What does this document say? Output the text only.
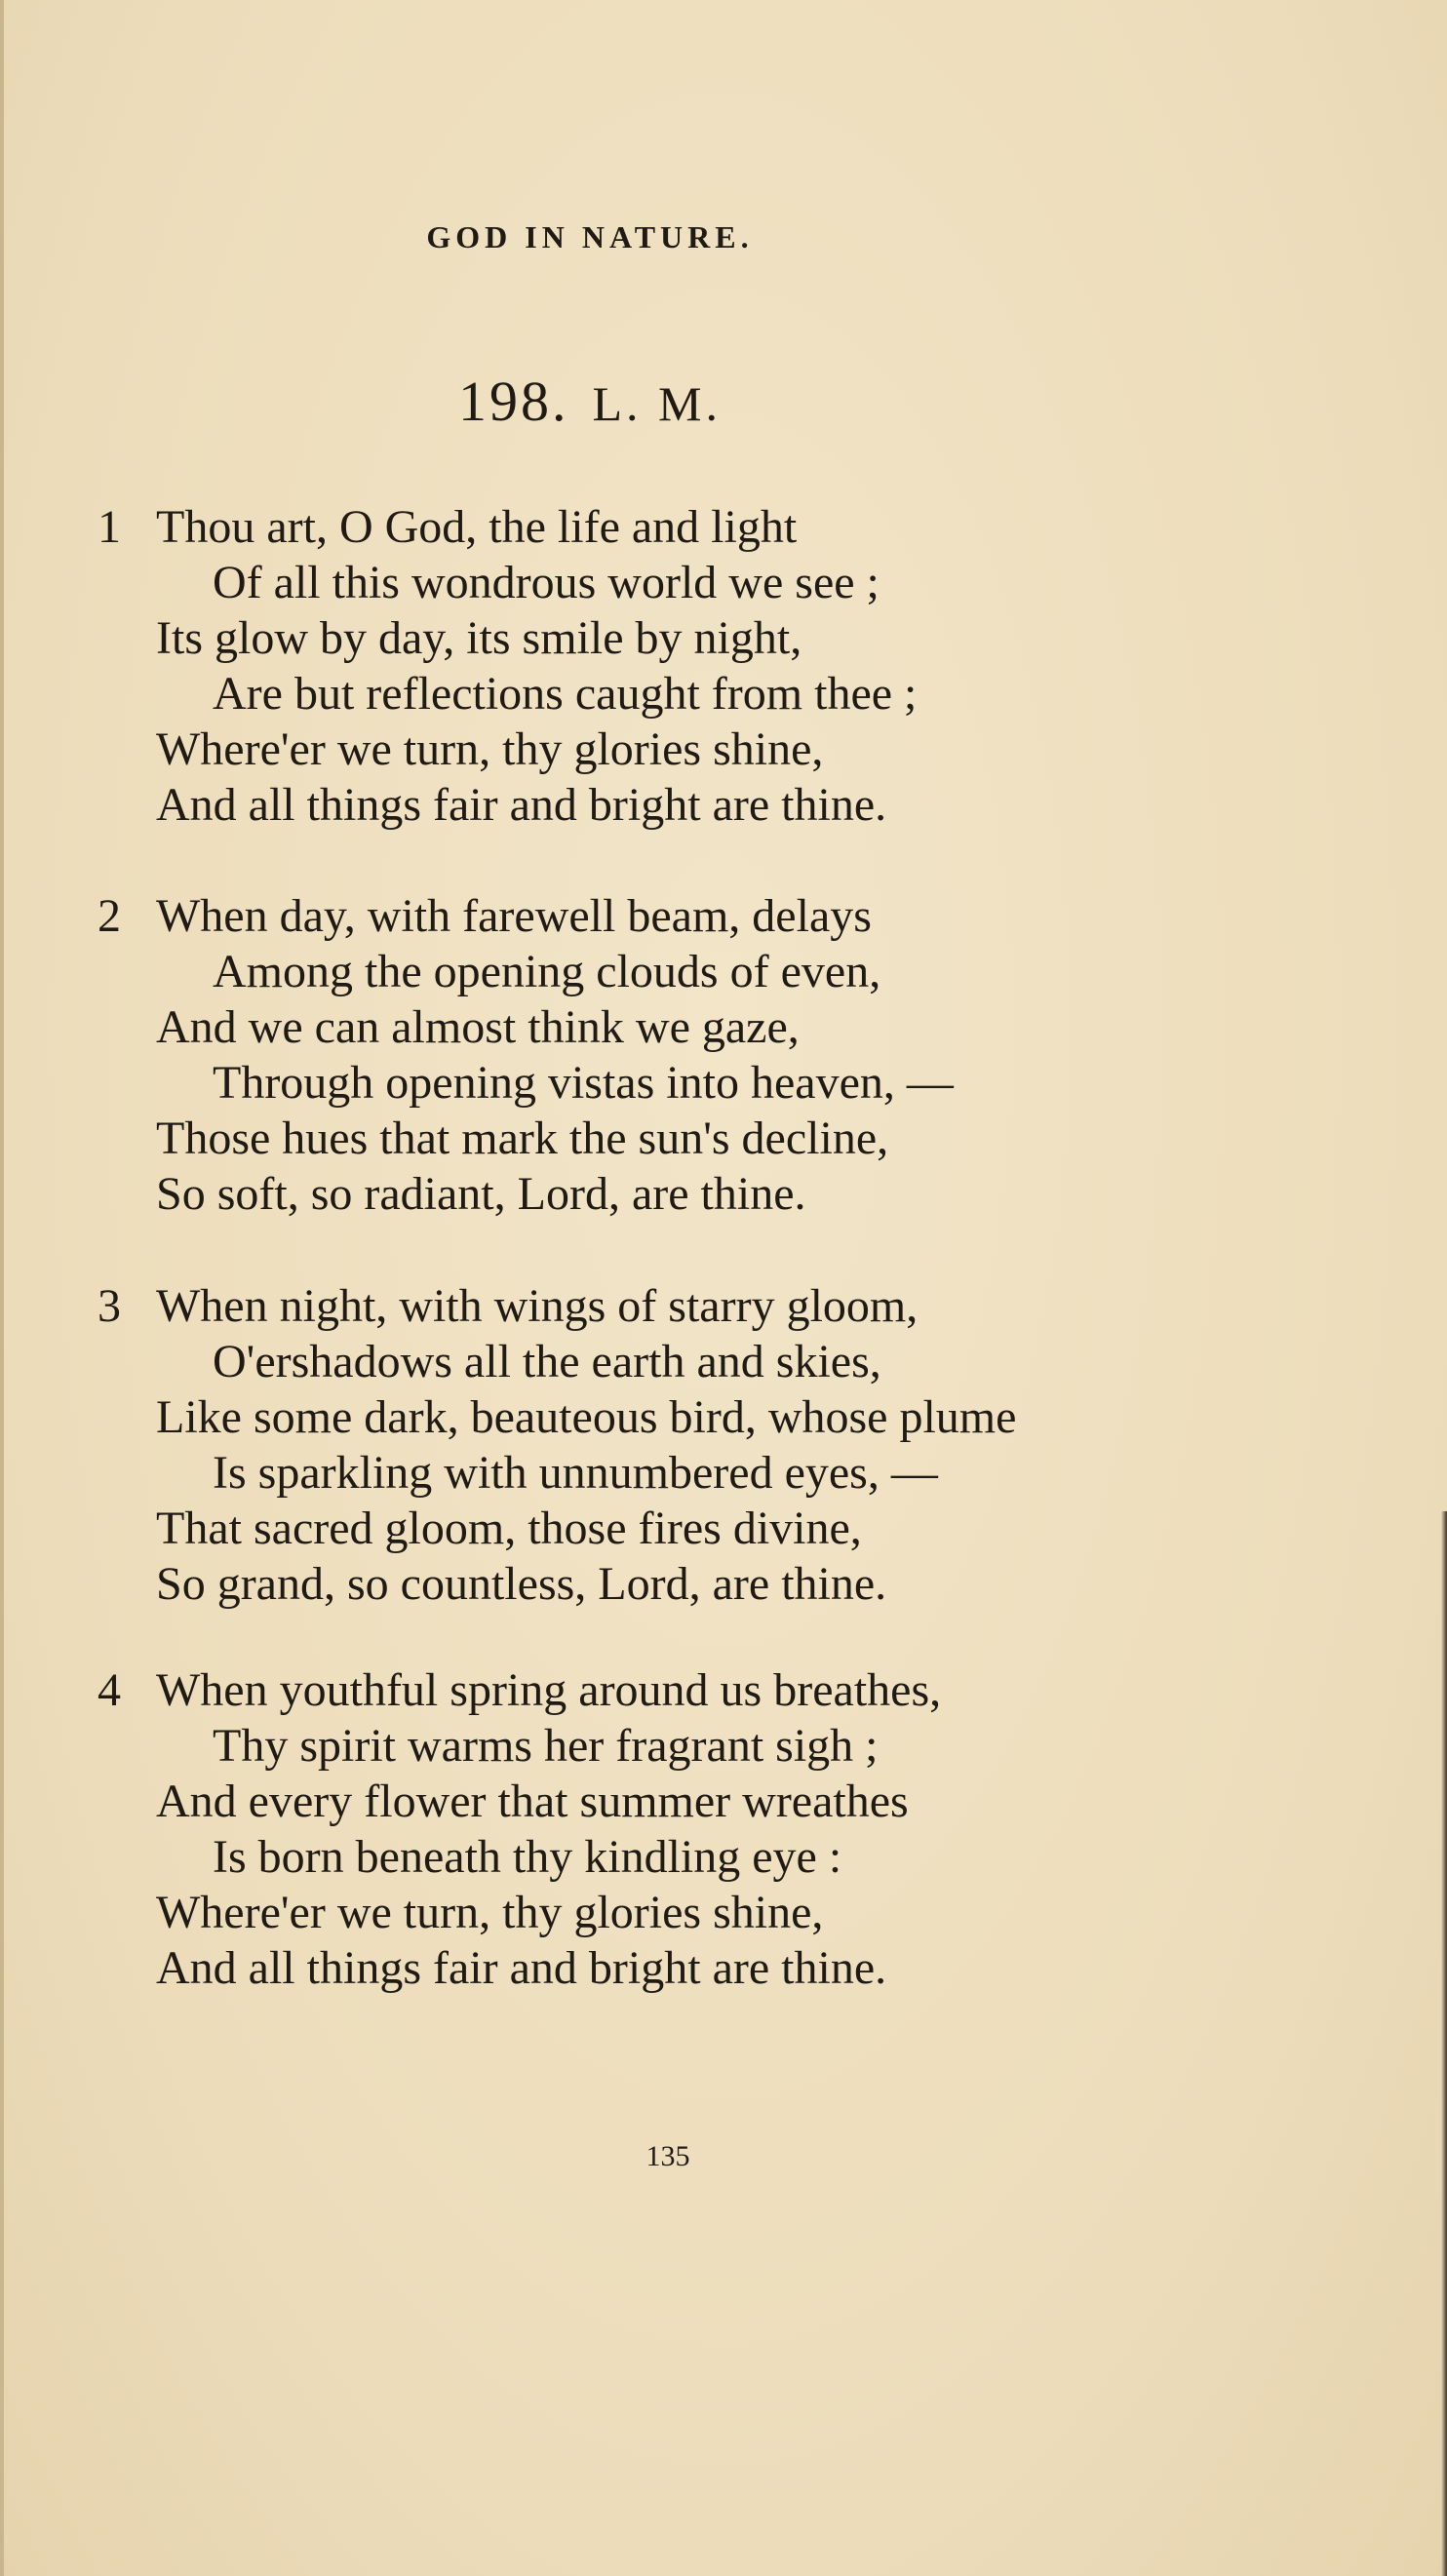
GOD IN NATURE.
198. L. M.
1 Thou art, O God, the life and light
Of all this wondrous world we see ;
Its glow by day, its smile by night,
Are but reflections caught from thee ;
Where'er we turn, thy glories shine,
And all things fair and bright are thine.
2 When day, with farewell beam, delays
Among the opening clouds of even,
And we can almost think we gaze,
Through opening vistas into heaven, —
Those hues that mark the sun's decline,
So soft, so radiant, Lord, are thine.
3 When night, with wings of starry gloom,
O'ershadows all the earth and skies,
Like some dark, beauteous bird, whose plume
Is sparkling with unnumbered eyes, —
That sacred gloom, those fires divine,
So grand, so countless, Lord, are thine.
4 When youthful spring around us breathes,
Thy spirit warms her fragrant sigh ;
And every flower that summer wreathes
Is born beneath thy kindling eye :
Where'er we turn, thy glories shine,
And all things fair and bright are thine.
135
